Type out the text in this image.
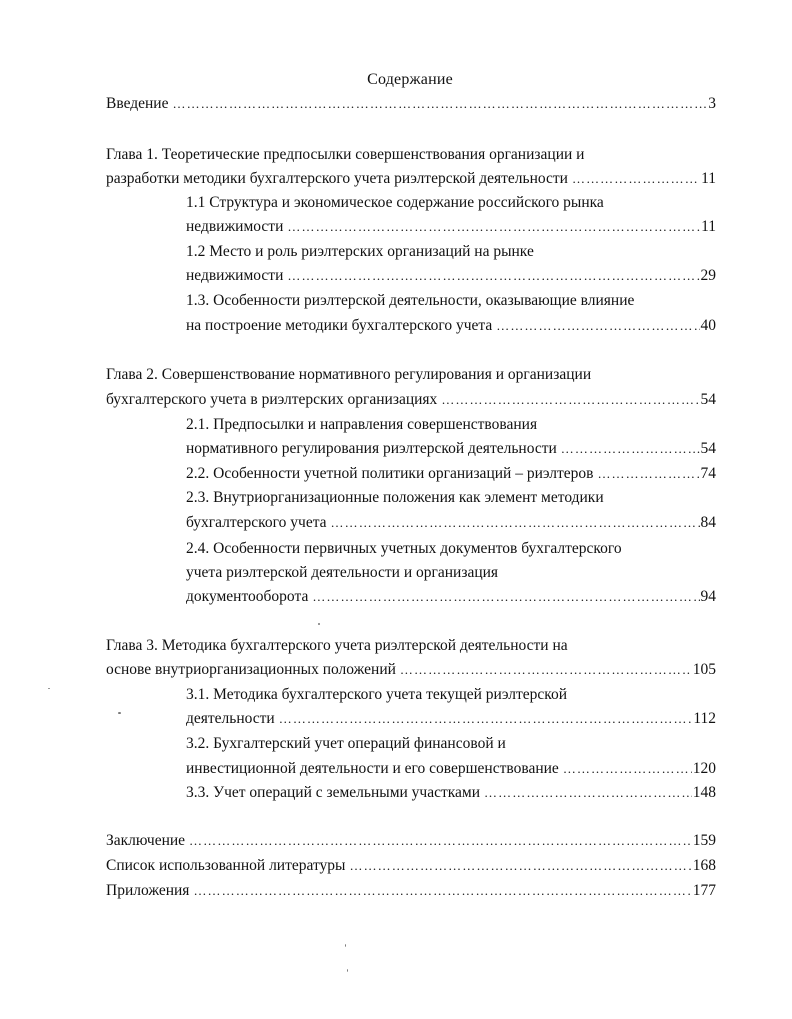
Содержание
Введение ………………………………………………………………………………………………………………………………………………………………	3
Глава 1. Теоретические предпосылки совершенствования организации и
разработки методики бухгалтерского учета риэлтерской деятельности ………………………………………………………………………………………………………………………………………………………………	11
1.1 Структура и экономическое содержание российского рынка
недвижимости ………………………………………………………………………………………………………………………………………………………………	11
1.2 Место и роль риэлтерских организаций на рынке
недвижимости ………………………………………………………………………………………………………………………………………………………………	29
1.3. Особенности риэлтерской деятельности, оказывающие влияние
на построение методики бухгалтерского учета ………………………………………………………………………………………………………………………………………………………………	40
Глава 2. Совершенствование нормативного регулирования и организации
бухгалтерского учета в риэлтерских организациях ………………………………………………………………………………………………………………………………………………………………	54
2.1. Предпосылки и направления совершенствования
нормативного регулирования риэлтерской деятельности ………………………………………………………………………………………………………………………………………………………………	54
2.2. Особенности учетной политики организаций – риэлтеров ………………………………………………………………………………………………………………………………………………………………	74
2.3. Внутриорганизационные положения как элемент методики
бухгалтерского учета ………………………………………………………………………………………………………………………………………………………………	84
2.4. Особенности первичных учетных документов бухгалтерского
учета риэлтерской деятельности и организация
документооборота ………………………………………………………………………………………………………………………………………………………………	94
Глава 3. Методика бухгалтерского учета риэлтерской деятельности на
основе внутриорганизационных положений ………………………………………………………………………………………………………………………………………………………………	105
3.1. Методика бухгалтерского учета текущей риэлтерской
деятельности ………………………………………………………………………………………………………………………………………………………………	112
3.2. Бухгалтерский учет операций финансовой и
инвестиционной деятельности и его совершенствование ………………………………………………………………………………………………………………………………………………………………	120
3.3. Учет операций с земельными участками ………………………………………………………………………………………………………………………………………………………………	148
Заключение ………………………………………………………………………………………………………………………………………………………………	159
Список использованной литературы ………………………………………………………………………………………………………………………………………………………………	168
Приложения ………………………………………………………………………………………………………………………………………………………………	177
